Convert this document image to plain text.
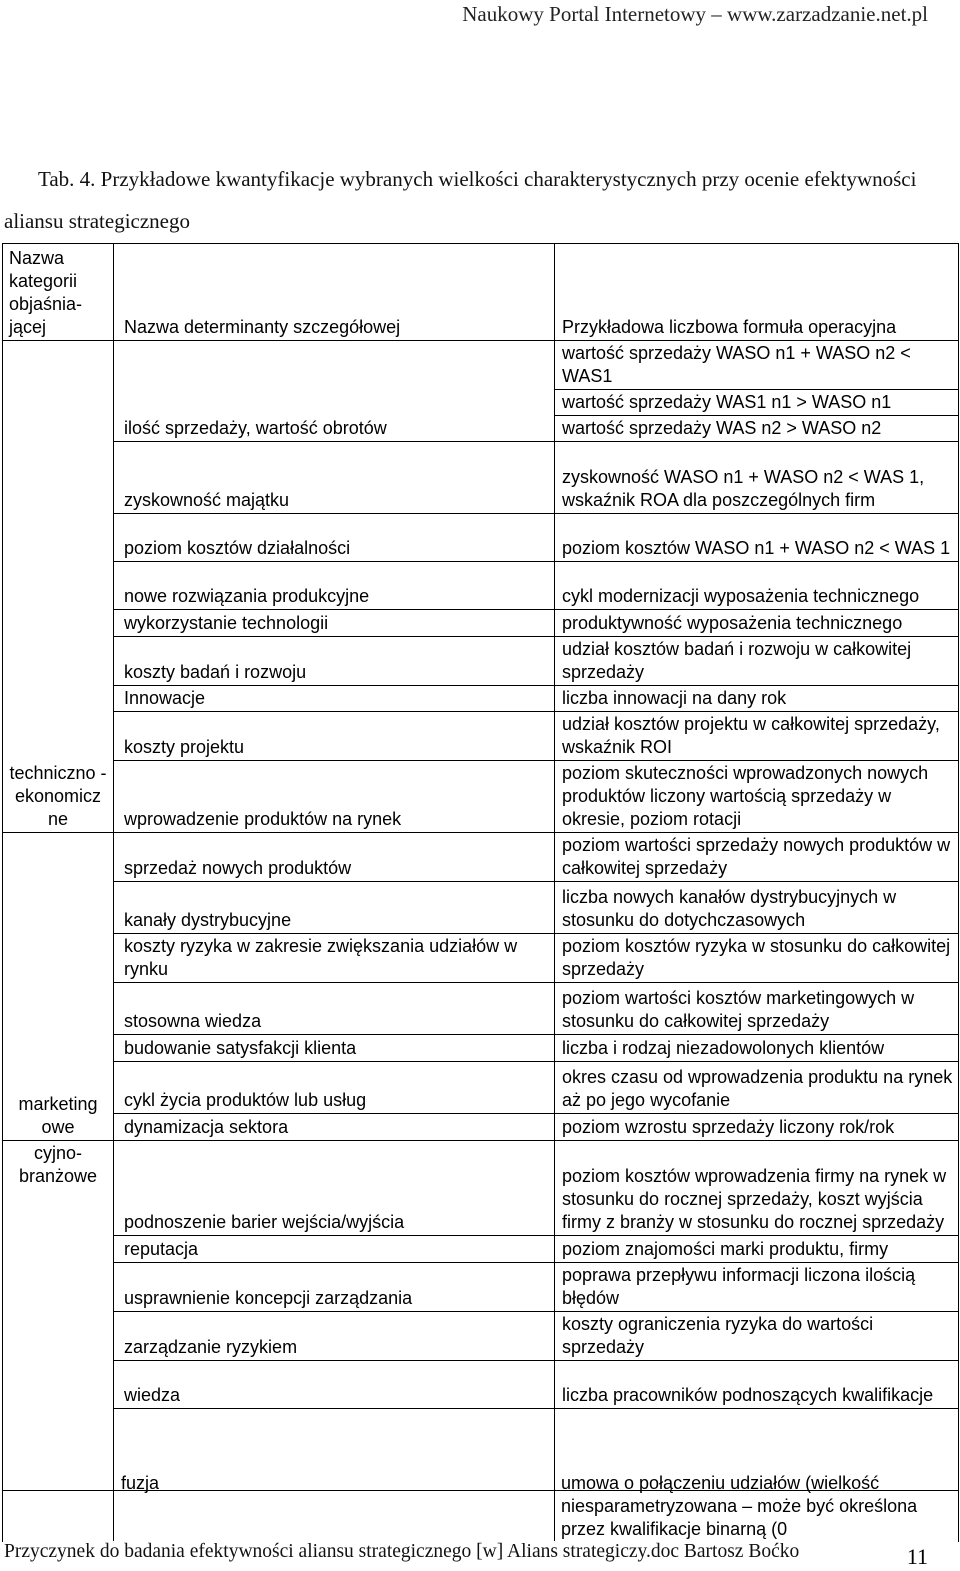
Naukowy Portal Internetowy – www.zarzadzanie.net.pl
Tab. 4. Przykładowe kwantyfikacje wybranych wielkości charakterystycznych przy ocenie efektywności aliansu strategicznego
Nazwa kategorii objaśnia-jącej	Nazwa determinanty szczegółowej	Przykładowa liczbowa formuła operacyjna
techniczno - ekonomicz ne	ilość sprzedaży, wartość obrotów	wartość sprzedaży WASO n1 + WASO n2 < WAS1
		wartość sprzedaży WAS1 n1 > WASO n1
		wartość sprzedaży WAS n2 > WASO n2
	zyskowność majątku	zyskowność WASO n1 + WASO n2 < WAS 1, wskaźnik ROA dla poszczególnych firm
	poziom kosztów działalności	poziom kosztów WASO n1 + WASO n2 < WAS 1
	nowe rozwiązania produkcyjne	cykl modernizacji wyposażenia technicznego
	wykorzystanie technologii	produktywność wyposażenia technicznego
	koszty badań i rozwoju	udział kosztów badań i rozwoju w całkowitej sprzedaży
	Innowacje	liczba innowacji na dany rok
	koszty projektu	udział kosztów projektu w całkowitej sprzedaży, wskaźnik ROI
	wprowadzenie produktów na rynek	poziom skuteczności wprowadzonych nowych produktów liczony wartością sprzedaży w okresie, poziom rotacji
marketing owe	sprzedaż nowych produktów	poziom wartości sprzedaży nowych produktów w całkowitej sprzedaży
	kanały dystrybucyjne	liczba nowych kanałów dystrybucyjnych w stosunku do dotychczasowych
	koszty ryzyka w zakresie zwiększania udziałów w rynku	poziom kosztów ryzyka w stosunku do całkowitej sprzedaży
	stosowna wiedza	poziom wartości kosztów marketingowych w stosunku do całkowitej sprzedaży
	budowanie satysfakcji klienta	liczba i rodzaj niezadowolonych klientów
	cykl życia produktów lub usług	okres czasu od wprowadzenia produktu na rynek aż po jego wycofanie
	dynamizacja sektora	poziom wzrostu sprzedaży liczony rok/rok

cyjno-branżowe	podnoszenie barier wejścia/wyjścia	poziom kosztów wprowadzenia firmy na rynek w stosunku do rocznej sprzedaży, koszt wyjścia firmy z branży w stosunku do rocznej sprzedaży
	reputacja	poziom znajomości marki produktu, firmy
	usprawnienie koncepcji zarządzania	poprawa przepływu informacji liczona ilością błędów
	zarządzanie ryzykiem	koszty ograniczenia ryzyka do wartości sprzedaży
	wiedza	liczba pracowników podnoszących kwalifikacje

fuzja	umowa o połączeniu udziałów (wielkość niesparametryzowana – może być określona przez kwalifikacje binarną (0
Przyczynek do badania efektywności aliansu strategicznego [w] Alians strategiczy.doc Bartosz Boćko	11
